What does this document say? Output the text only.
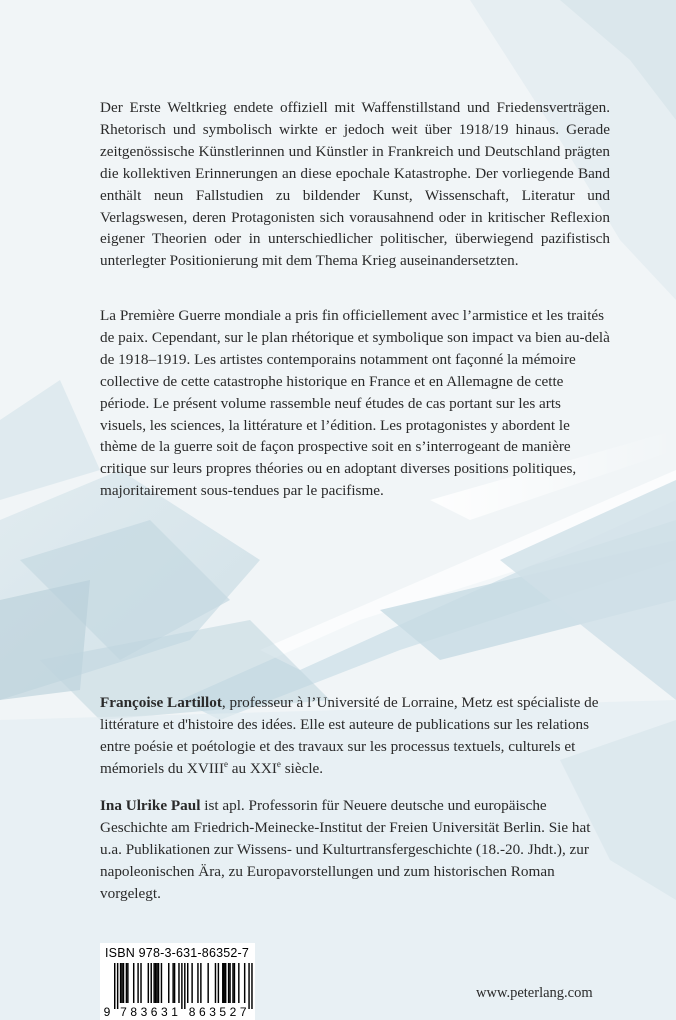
Der Erste Weltkrieg endete offiziell mit Waffenstillstand und Friedensverträgen. Rhetorisch und symbolisch wirkte er jedoch weit über 1918/19 hinaus. Gerade zeitgenössische Künstlerinnen und Künstler in Frankreich und Deutschland prägten die kollektiven Erinnerungen an diese epochale Katastrophe. Der vorliegende Band enthält neun Fallstudien zu bildender Kunst, Wissenschaft, Literatur und Verlagswesen, deren Protagonisten sich vorausahnend oder in kritischer Reflexion eigener Theorien oder in unterschiedlicher politischer, überwiegend pazifistisch unterlegter Positionierung mit dem Thema Krieg auseinandersetzten.

La Première Guerre mondiale a pris fin officiellement avec l’armistice et les traités de paix. Cependant, sur le plan rhétorique et symbolique son impact va bien au-delà de 1918–1919. Les artistes contemporains notamment ont façonné la mémoire collective de cette catastrophe historique en France et en Allemagne de cette période. Le présent volume rassemble neuf études de cas portant sur les arts visuels, les sciences, la littérature et l’édition. Les protagonistes y abordent le thème de la guerre soit de façon prospective soit en s’interrogeant de manière critique sur leurs propres théories ou en adoptant diverses positions politiques, majoritairement sous-tendues par le pacifisme.

Françoise Lartillot, professeur à l’Université de Lorraine, Metz est spécialiste de littérature et d'histoire des idées. Elle est auteure de publications sur les relations entre poésie et poétologie et des travaux sur les processus textuels, culturels et mémoriels du XVIIIe au XXIe siècle.

Ina Ulrike Paul ist apl. Professorin für Neuere deutsche und europäische Geschichte am Friedrich-Meinecke-Institut der Freien Universität Berlin. Sie hat u.a. Publikationen zur Wissens- und Kulturtransfergeschichte (18.-20. Jhdt.), zur napoleonischen Ära, zu Europavorstellungen und zum historischen Roman vorgelegt.

ISBN 978-3-631-86352-7
9 7 8 3 6 3 1 8 6 3 5 2 7
www.peterlang.com
